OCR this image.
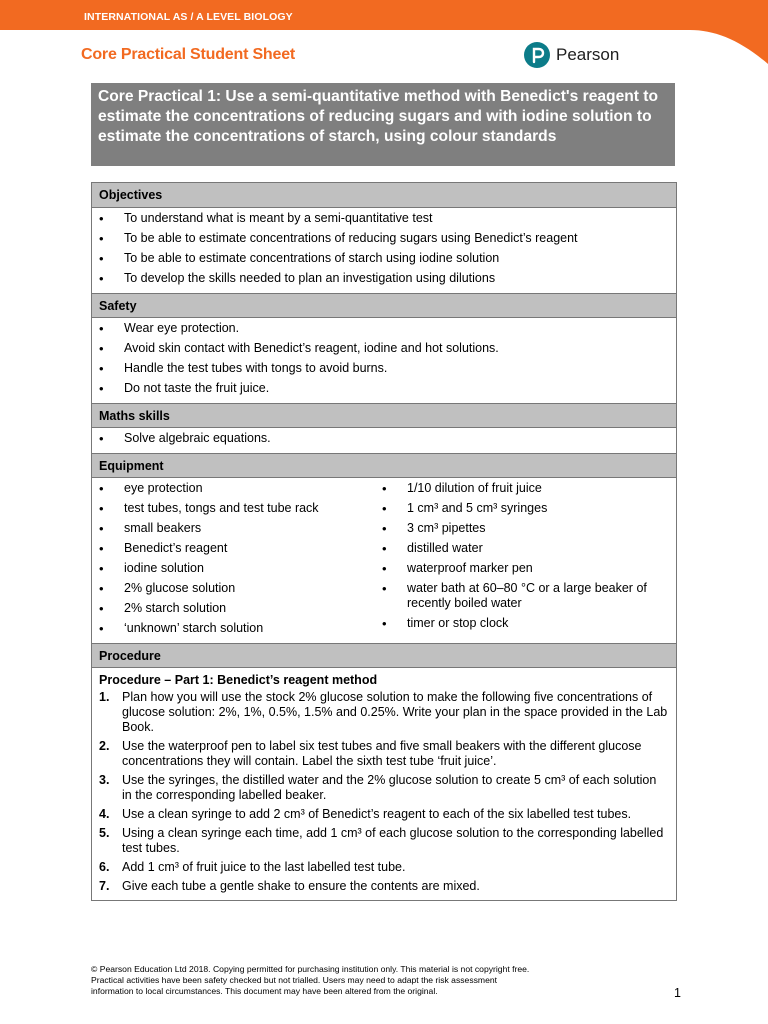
INTERNATIONAL AS / A LEVEL BIOLOGY
Core Practical Student Sheet	Pearson
Core Practical 1: Use a semi-quantitative method with Benedict's reagent to estimate the concentrations of reducing sugars and with iodine solution to estimate the concentrations of starch, using colour standards
Objectives
• To understand what is meant by a semi-quantitative test
• To be able to estimate concentrations of reducing sugars using Benedict’s reagent
• To be able to estimate concentrations of starch using iodine solution
• To develop the skills needed to plan an investigation using dilutions
Safety
• Wear eye protection.
• Avoid skin contact with Benedict’s reagent, iodine and hot solutions.
• Handle the test tubes with tongs to avoid burns.
• Do not taste the fruit juice.
Maths skills
• Solve algebraic equations.
Equipment
• eye protection
• test tubes, tongs and test tube rack
• small beakers
• Benedict’s reagent
• iodine solution
• 2% glucose solution
• 2% starch solution
• ‘unknown’ starch solution
• 1/10 dilution of fruit juice
• 1 cm³ and 5 cm³ syringes
• 3 cm³ pipettes
• distilled water
• waterproof marker pen
• water bath at 60–80 °C or a large beaker of recently boiled water
• timer or stop clock
Procedure
Procedure – Part 1: Benedict’s reagent method
1. Plan how you will use the stock 2% glucose solution to make the following five concentrations of glucose solution: 2%, 1%, 0.5%, 1.5% and 0.25%. Write your plan in the space provided in the Lab Book.
2. Use the waterproof pen to label six test tubes and five small beakers with the different glucose concentrations they will contain. Label the sixth test tube ‘fruit juice’.
3. Use the syringes, the distilled water and the 2% glucose solution to create 5 cm³ of each solution in the corresponding labelled beaker.
4. Use a clean syringe to add 2 cm³ of Benedict’s reagent to each of the six labelled test tubes.
5. Using a clean syringe each time, add 1 cm³ of each glucose solution to the corresponding labelled test tubes.
6. Add 1 cm³ of fruit juice to the last labelled test tube.
7. Give each tube a gentle shake to ensure the contents are mixed.
© Pearson Education Ltd 2018. Copying permitted for purchasing institution only. This material is not copyright free.
Practical activities have been safety checked but not trialled. Users may need to adapt the risk assessment
information to local circumstances. This document may have been altered from the original.	1
